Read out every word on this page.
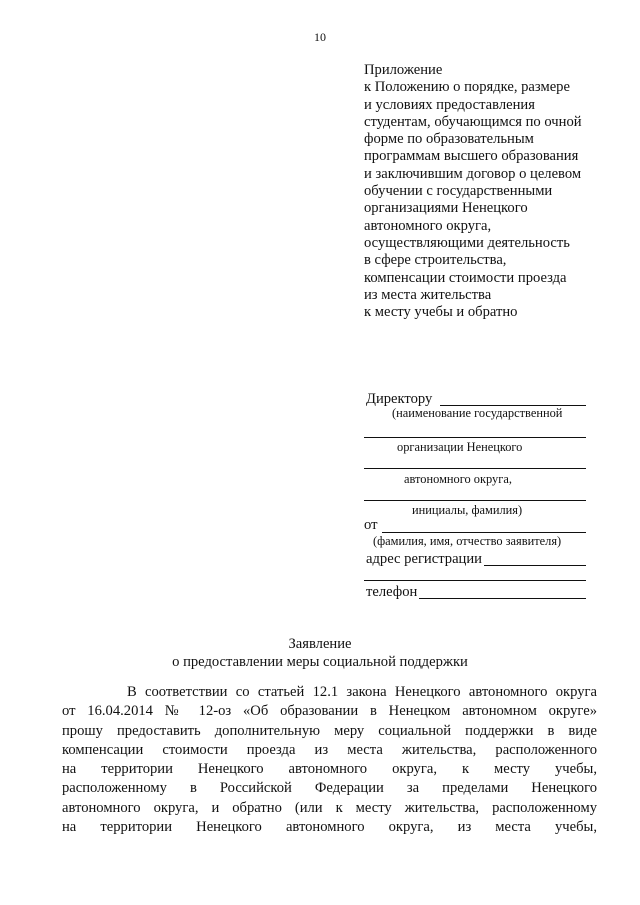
10
Приложение
к Положению о порядке, размере
и условиях предоставления
студентам, обучающимся по очной
форме по образовательным
программам высшего образования
и заключившим договор о целевом
обучении с государственными
организациями Ненецкого
автономного округа,
осуществляющими деятельность
в сфере строительства,
компенсации стоимости проезда
из места жительства
к месту учебы и обратно
Директору
(наименование государственной
организации Ненецкого
автономного округа,
инициалы, фамилия)
от
(фамилия, имя, отчество заявителя)
адрес регистрации
телефон
Заявление
о предоставлении меры социальной поддержки
В соответствии со статьей 12.1 закона Ненецкого автономного округа
от 16.04.2014 № 12-оз «Об образовании в Ненецком автономном округе»
прошу предоставить дополнительную меру социальной поддержки в виде
компенсации стоимости проезда из места жительства, расположенного
на территории Ненецкого автономного округа, к месту учебы,
расположенному в Российской Федерации за пределами Ненецкого
автономного округа, и обратно (или к месту жительства, расположенному
на территории Ненецкого автономного округа, из места учебы,
